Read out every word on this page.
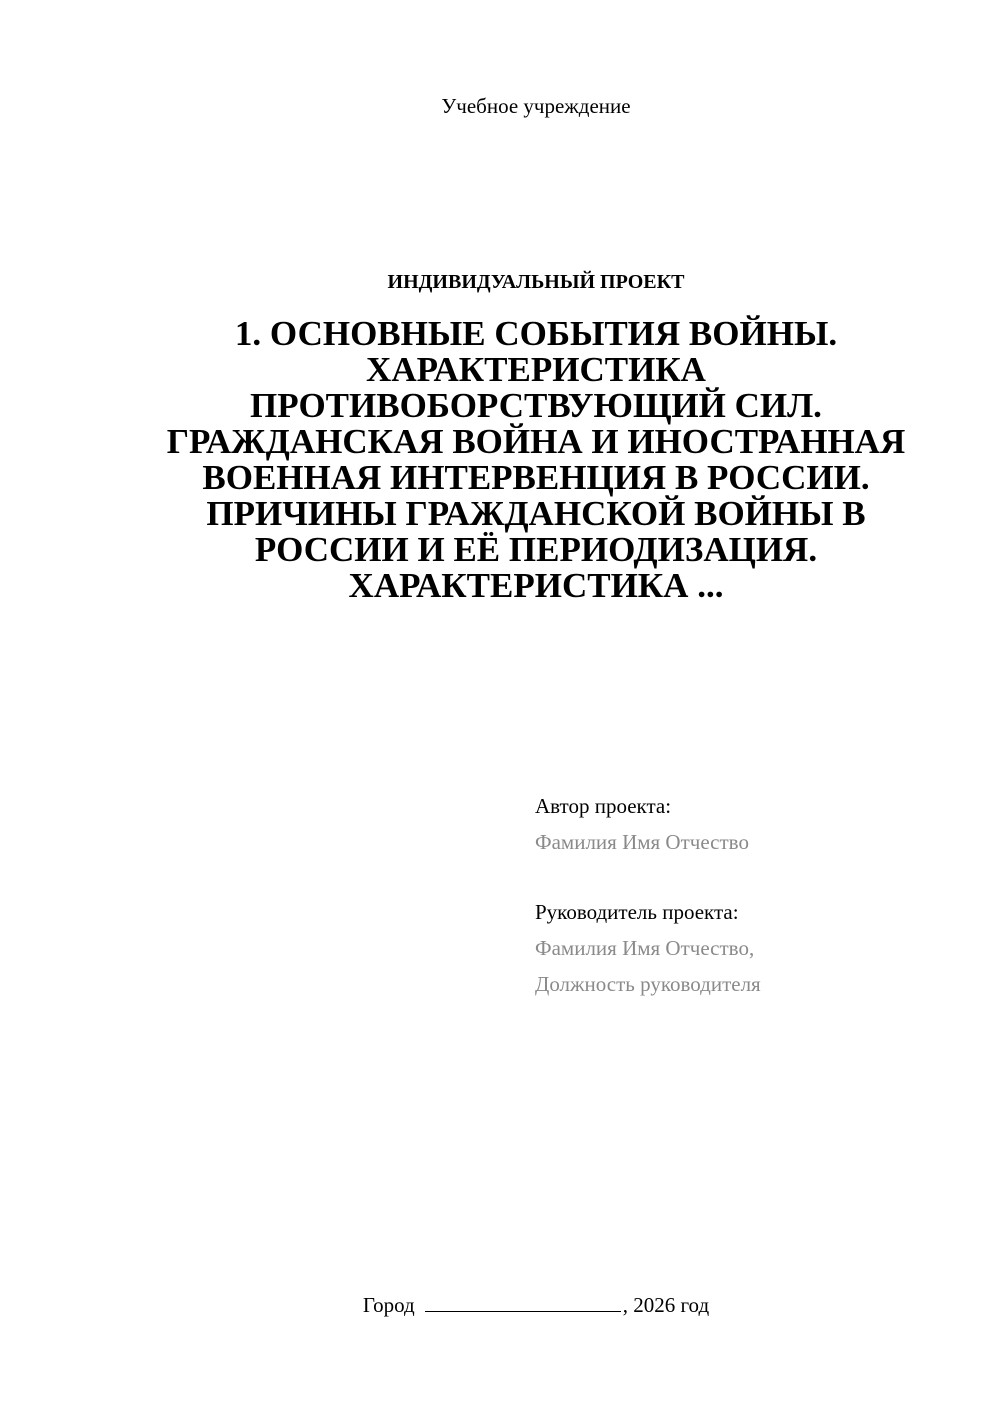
Учебное учреждение
ИНДИВИДУАЛЬНЫЙ ПРОЕКТ
1. ОСНОВНЫЕ СОБЫТИЯ ВОЙНЫ. ХАРАКТЕРИСТИКА ПРОТИВОБОРСТВУЮЩИЙ СИЛ. ГРАЖДАНСКАЯ ВОЙНА И ИНОСТРАННАЯ ВОЕННАЯ ИНТЕРВЕНЦИЯ В РОССИИ. ПРИЧИНЫ ГРАЖДАНСКОЙ ВОЙНЫ В РОССИИ И ЕЁ ПЕРИОДИЗАЦИЯ. ХАРАКТЕРИСТИКА ...
Автор проекта:
Фамилия Имя Отчество
Руководитель проекта:
Фамилия Имя Отчество,
Должность руководителя
Город	, 2026 год
